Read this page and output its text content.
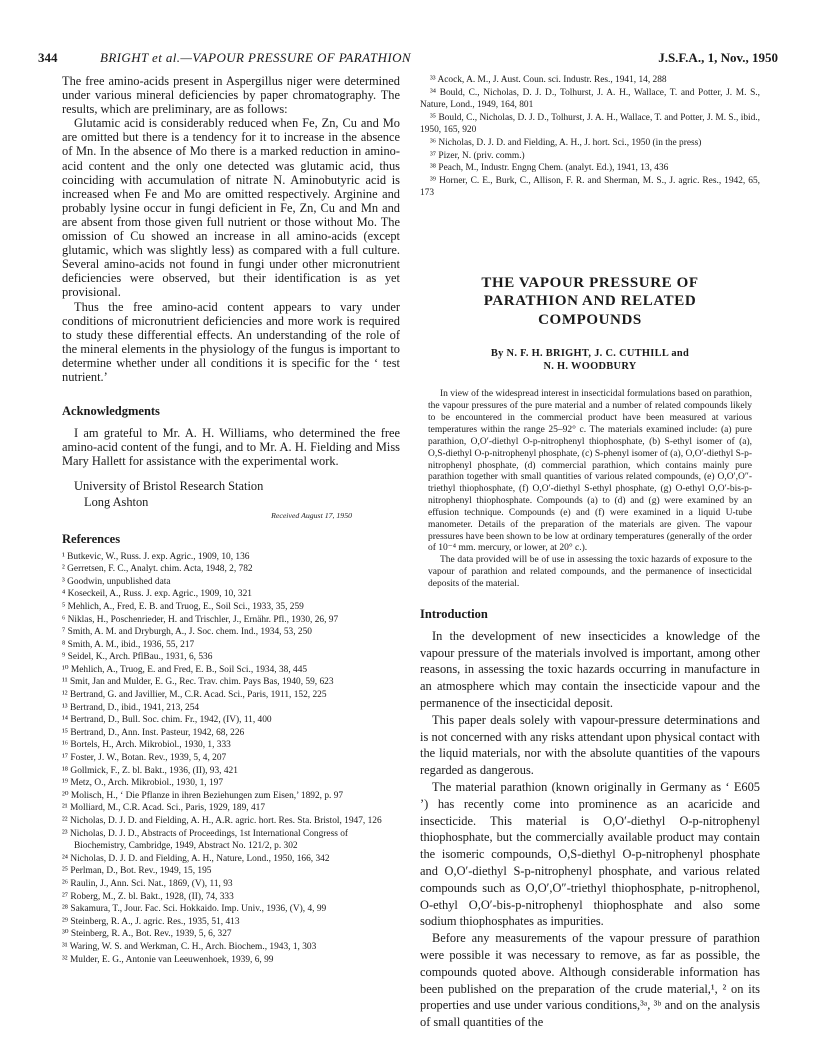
344	BRIGHT et al.—VAPOUR PRESSURE OF PARATHION	J.S.F.A., 1, Nov., 1950

The free amino-acids present in Aspergillus niger were determined under various mineral deficiencies by paper chromatography. The results, which are preliminary, are as follows:

Glutamic acid is considerably reduced when Fe, Zn, Cu and Mo are omitted but there is a tendency for it to increase in the absence of Mn. In the absence of Mo there is a marked reduction in amino-acid content and the only one detected was glutamic acid, thus coinciding with accumulation of nitrate N. Aminobutyric acid is increased when Fe and Mo are omitted respectively. Arginine and probably lysine occur in fungi deficient in Fe, Zn, Cu and Mn and are absent from those given full nutrient or those without Mo. The omission of Cu showed an increase in all amino-acids (except glutamic, which was slightly less) as compared with a full culture. Several amino-acids not found in fungi under other micronutrient deficiencies were observed, but their identification is as yet provisional.

Thus the free amino-acid content appears to vary under conditions of micronutrient deficiencies and more work is required to study these differential effects. An understanding of the role of the mineral elements in the physiology of the fungus is important to determine whether under all conditions it is specific for the ‘ test nutrient.’

Acknowledgments

I am grateful to Mr. A. H. Williams, who determined the free amino-acid content of the fungi, and to Mr. A. H. Fielding and Miss Mary Hallett for assistance with the experimental work.

University of Bristol Research Station

Long Ashton

Received August 17, 1950

References

¹ Butkevic, W., Russ. J. exp. Agric., 1909, 10, 136

² Gerretsen, F. C., Analyt. chim. Acta, 1948, 2, 782

³ Goodwin, unpublished data

⁴ Koseckeil, A., Russ. J. exp. Agric., 1909, 10, 321

⁵ Mehlich, A., Fred, E. B. and Truog, E., Soil Sci., 1933, 35, 259

⁶ Niklas, H., Poschenrieder, H. and Trischler, J., Ernähr. Pfl., 1930, 26, 97

⁷ Smith, A. M. and Dryburgh, A., J. Soc. chem. Ind., 1934, 53, 250

⁸ Smith, A. M., ibid., 1936, 55, 217

⁹ Seidel, K., Arch. PflBau., 1931, 6, 536

¹⁰ Mehlich, A., Truog, E. and Fred, E. B., Soil Sci., 1934, 38, 445

¹¹ Smit, Jan and Mulder, E. G., Rec. Trav. chim. Pays Bas, 1940, 59, 623

¹² Bertrand, G. and Javillier, M., C.R. Acad. Sci., Paris, 1911, 152, 225

¹³ Bertrand, D., ibid., 1941, 213, 254

¹⁴ Bertrand, D., Bull. Soc. chim. Fr., 1942, (IV), 11, 400

¹⁵ Bertrand, D., Ann. Inst. Pasteur, 1942, 68, 226

¹⁶ Bortels, H., Arch. Mikrobiol., 1930, 1, 333

¹⁷ Foster, J. W., Botan. Rev., 1939, 5, 4, 207

¹⁸ Gollmick, F., Z. bl. Bakt., 1936, (II), 93, 421

¹⁹ Metz, O., Arch. Mikrobiol., 1930, 1, 197

²⁰ Molisch, H., ‘ Die Pflanze in ihren Beziehungen zum Eisen,’ 1892, p. 97

²¹ Molliard, M., C.R. Acad. Sci., Paris, 1929, 189, 417

²² Nicholas, D. J. D. and Fielding, A. H., A.R. agric. hort. Res. Sta. Bristol, 1947, 126

²³ Nicholas, D. J. D., Abstracts of Proceedings, 1st International Congress of Biochemistry, Cambridge, 1949, Abstract No. 121/2, p. 302

²⁴ Nicholas, D. J. D. and Fielding, A. H., Nature, Lond., 1950, 166, 342

²⁵ Perlman, D., Bot. Rev., 1949, 15, 195

²⁶ Raulin, J., Ann. Sci. Nat., 1869, (V), 11, 93

²⁷ Roberg, M., Z. bl. Bakt., 1928, (II), 74, 333

²⁸ Sakamura, T., Jour. Fac. Sci. Hokkaido. Imp. Univ., 1936, (V), 4, 99

²⁹ Steinberg, R. A., J. agric. Res., 1935, 51, 413

³⁰ Steinberg, R. A., Bot. Rev., 1939, 5, 6, 327

³¹ Waring, W. S. and Werkman, C. H., Arch. Biochem., 1943, 1, 303

³² Mulder, E. G., Antonie van Leeuwenhoek, 1939, 6, 99

³³ Acock, A. M., J. Aust. Coun. sci. Industr. Res., 1941, 14, 288

³⁴ Bould, C., Nicholas, D. J. D., Tolhurst, J. A. H., Wallace, T. and Potter, J. M. S., Nature, Lond., 1949, 164, 801

³⁵ Bould, C., Nicholas, D. J. D., Tolhurst, J. A. H., Wallace, T. and Potter, J. M. S., ibid., 1950, 165, 920

³⁶ Nicholas, D. J. D. and Fielding, A. H., J. hort. Sci., 1950 (in the press)

³⁷ Pizer, N. (priv. comm.)

³⁸ Peach, M., Industr. Engng Chem. (analyt. Ed.), 1941, 13, 436

³⁹ Horner, C. E., Burk, C., Allison, F. R. and Sherman, M. S., J. agric. Res., 1942, 65, 173

THE VAPOUR PRESSURE OF

PARATHION AND RELATED

COMPOUNDS

By N. F. H. BRIGHT, J. C. CUTHILL and

N. H. WOODBURY

In view of the widespread interest in insecticidal formulations based on parathion, the vapour pressures of the pure material and a number of related compounds likely to be encountered in the commercial product have been measured at various temperatures within the range 25–92° c. The materials examined include: (a) pure parathion, O,O′-diethyl O-p-nitrophenyl thiophosphate, (b) S-ethyl isomer of (a), O,S-diethyl O-p-nitrophenyl phosphate, (c) S-phenyl isomer of (a), O,O′-diethyl S-p-nitrophenyl phosphate, (d) commercial parathion, which contains mainly pure parathion together with small quantities of various related compounds, (e) O,O′,O″-triethyl thiophosphate, (f) O,O′-diethyl S-ethyl phosphate, (g) O-ethyl O,O′-bis-p-nitrophenyl thiophosphate. Compounds (a) to (d) and (g) were examined by an effusion technique. Compounds (e) and (f) were examined in a liquid U-tube manometer. Details of the preparation of the materials are given. The vapour pressures have been shown to be low at ordinary temperatures (generally of the order of 10⁻⁴ mm. mercury, or lower, at 20° c.).

The data provided will be of use in assessing the toxic hazards of exposure to the vapour of parathion and related compounds, and the permanence of insecticidal deposits of the material.

Introduction

In the development of new insecticides a knowledge of the vapour pressure of the materials involved is important, among other reasons, in assessing the toxic hazards occurring in manufacture in an atmosphere which may contain the insecticide vapour and the permanence of the insecticidal deposit.

This paper deals solely with vapour-pressure determinations and is not concerned with any risks attendant upon physical contact with the liquid materials, nor with the absolute quantities of the vapours regarded as dangerous.

The material parathion (known originally in Germany as ‘ E605 ’) has recently come into prominence as an acaricide and insecticide. This material is O,O′-diethyl O-p-nitrophenyl thiophosphate, but the commercially available product may contain the isomeric compounds, O,S-diethyl O-p-nitrophenyl phosphate and O,O′-diethyl S-p-nitrophenyl phosphate, and various related compounds such as O,O′,O″-triethyl thiophosphate, p-nitrophenol, O-ethyl O,O′-bis-p-nitrophenyl thiophosphate and also some sodium thiophosphates as impurities.

Before any measurements of the vapour pressure of parathion were possible it was necessary to remove, as far as possible, the compounds quoted above. Although considerable information has been published on the preparation of the crude material,¹, ² on its properties and use under various conditions,³ᵃ, ³ᵇ and on the analysis of small quantities of the
